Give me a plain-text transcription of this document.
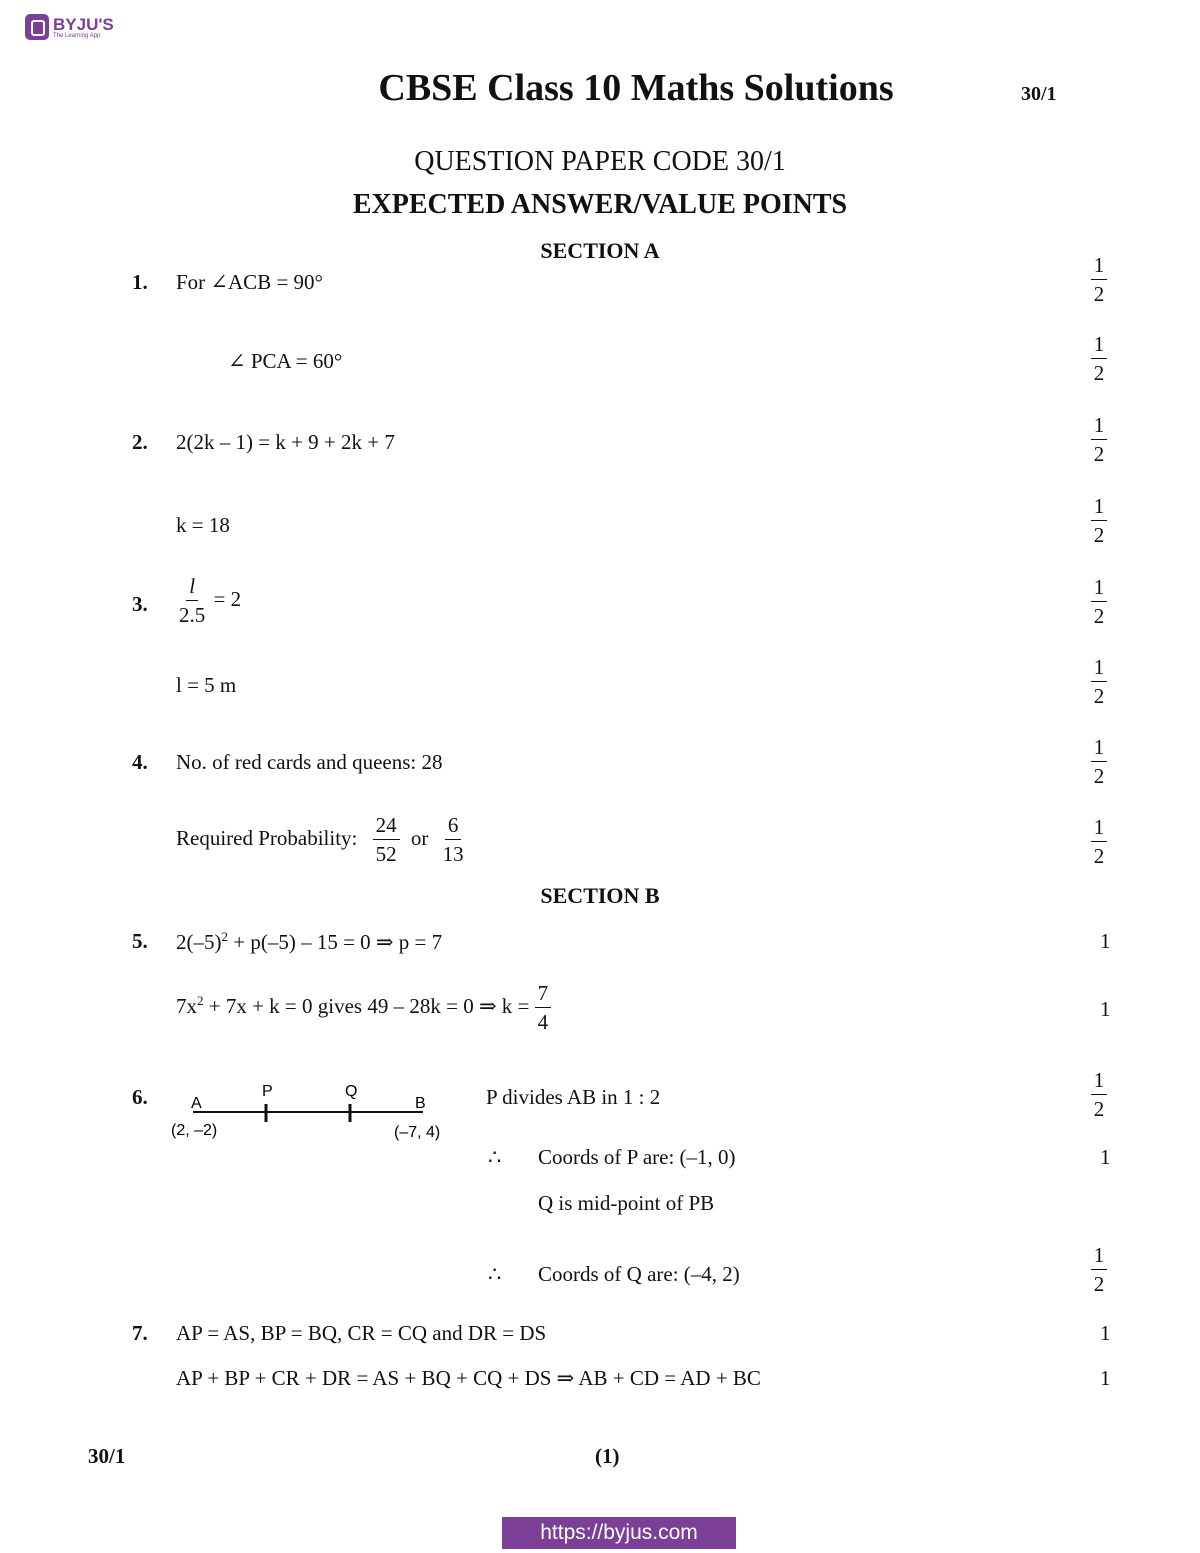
BYJU'S
The Learning App
CBSE Class 10 Maths Solutions	30/1
QUESTION PAPER CODE 30/1
EXPECTED ANSWER/VALUE POINTS
SECTION A
1. For ∠ACB = 90°	$\frac{1}{2}$
∠ PCA = 60°	$\frac{1}{2}$
2. 2(2k – 1) = k + 9 + 2k + 7	$\frac{1}{2}$
k = 18	$\frac{1}{2}$
3. $\frac{l}{2.5} = 2$	$\frac{1}{2}$
l = 5 m	$\frac{1}{2}$
4. No. of red cards and queens: 28	$\frac{1}{2}$
Required Probability: $\frac{24}{52}$ or $\frac{6}{13}$	$\frac{1}{2}$
SECTION B
5. $2(-5)^2 + p(-5) - 15 = 0$ ⇒ p = 7	1
$7x^2 + 7x + k = 0$ gives 49 – 28k = 0 ⇒ $k = \frac{7}{4}$	1
6.	A
P	Q
B
(2, –2)	(–7, 4)
P divides AB in 1 : 2	$\frac{1}{2}$
∴ Coords of P are: (–1, 0)	1
Q is mid-point of PB
∴ Coords of Q are: (–4, 2)	$\frac{1}{2}$
7. AP = AS, BP = BQ, CR = CQ and DR = DS	1
AP + BP + CR + DR = AS + BQ + CQ + DS ⇒ AB + CD = AD + BC	1
30/1	(1)
https://byjus.com
